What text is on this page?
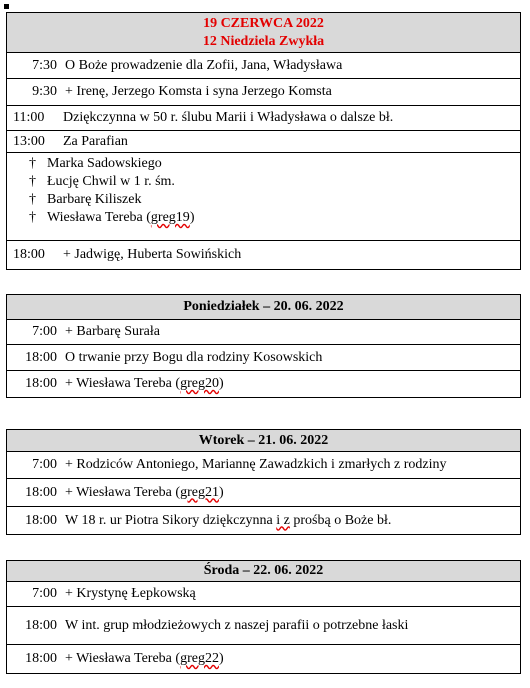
19 CZERWCA 2022
12 Niedziela Zwykła
7:30 O Boże prowadzenie dla Zofii, Jana, Władysława
9:30 + Irenę, Jerzego Komsta i syna Jerzego Komsta
11:00	Dziękczynna w 50 r. ślubu Marii i Władysława o dalsze bł.
13:00	Za Parafian
† Marka Sadowskiego
† Łucję Chwil w 1 r. śm.
† Barbarę Kiliszek
† Wiesława Tereba (greg19)
18:00	+ Jadwigę, Huberta Sowińskich
Poniedziałek – 20. 06. 2022
7:00 + Barbarę Surała
18:00 O trwanie przy Bogu dla rodziny Kosowskich
18:00 + Wiesława Tereba (greg20)
Wtorek – 21. 06. 2022
7:00 + Rodziców Antoniego, Mariannę Zawadzkich i zmarłych z rodziny
18:00 + Wiesława Tereba (greg21)
18:00 W 18 r. ur Piotra Sikory dziękczynna i z prośbą o Boże bł.
Środa – 22. 06. 2022
7:00 + Krystynę Łepkowską
18:00 W int. grup młodzieżowych z naszej parafii o potrzebne łaski
18:00 + Wiesława Tereba (greg22)
